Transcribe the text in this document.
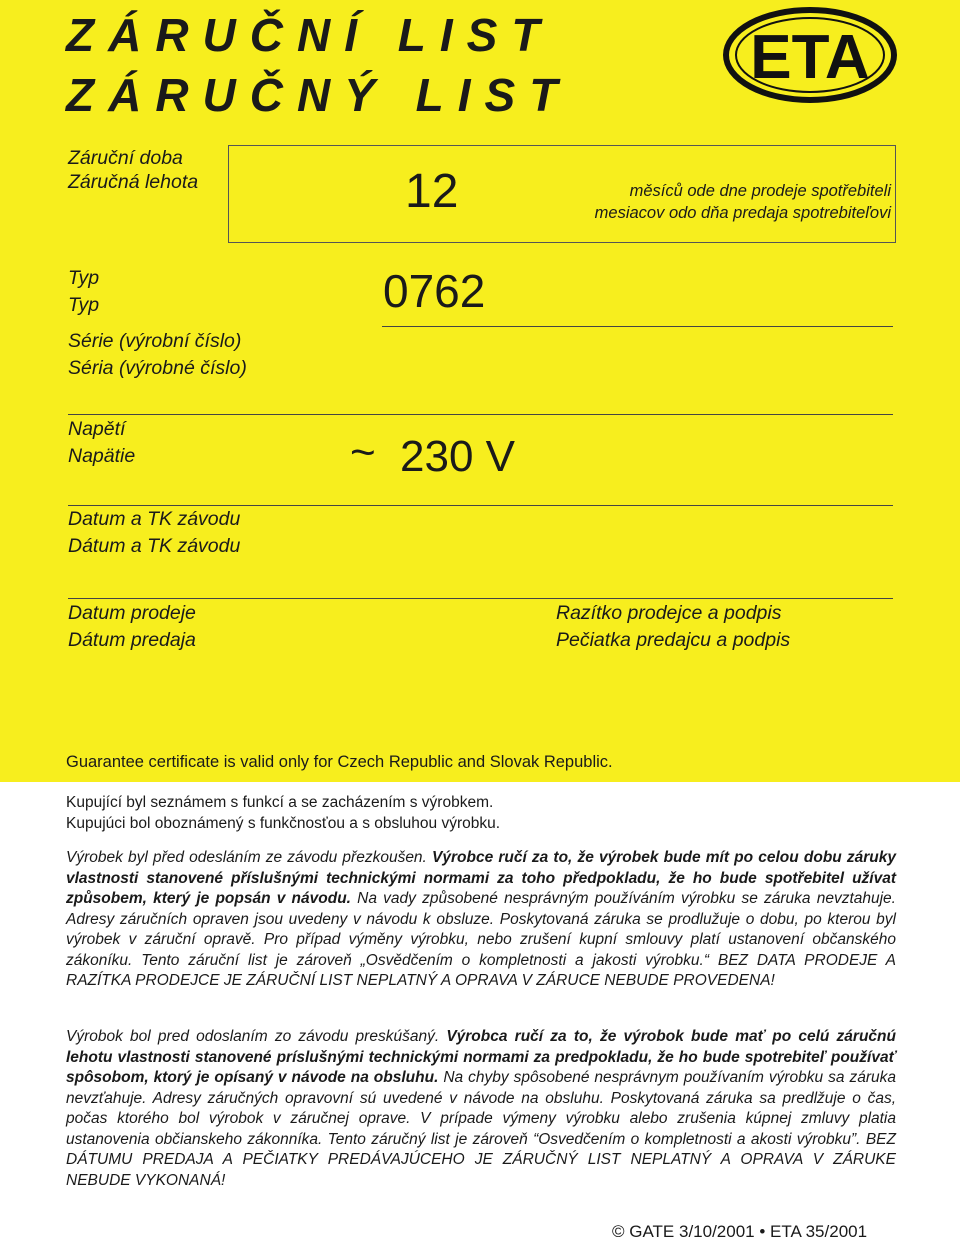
ZÁRUČNÍ LIST
ZÁRUČNÝ LIST
ETA
Záruční doba
Záručná lehota	12	měsíců ode dne prodeje spotřebiteli
mesiacov odo dňa predaja spotrebiteľovi
Typ
Typ	0762
Série (výrobní číslo)
Séria (výrobné číslo)
Napětí
Napätie	~ 230 V
Datum a TK závodu
Dátum a TK závodu
Datum prodeje
Dátum predaja
Razítko prodejce a podpis
Pečiatka predajcu a podpis
Guarantee certificate is valid only for Czech Republic and Slovak Republic.
Kupující byl seznámem s funkcí a se zacházením s výrobkem.
Kupujúci bol oboznámený s funkčnosťou a s obsluhou výrobku.
Výrobek byl před odesláním ze závodu přezkoušen. Výrobce ručí za to, že výrobek bude mít po celou dobu záruky vlastnosti stanovené příslušnými technickými normami za toho předpokladu, že ho bude spotřebitel užívat způsobem, který je popsán v návodu. Na vady způsobené nesprávným používáním výrobku se záruka nevztahuje. Adresy záručních opraven jsou uvedeny v návodu k obsluze. Poskytovaná záruka se prodlužuje o dobu, po kterou byl výrobek v záruční opravě. Pro případ výměny výrobku, nebo zrušení kupní smlouvy platí ustanovení občanského zákoníku. Tento záruční list je zároveň „Osvědčením o kompletnosti a jakosti výrobku.“ BEZ DATA PRODEJE A RAZÍTKA PRODEJCE JE ZÁRUČNÍ LIST NEPLATNÝ A OPRAVA V ZÁRUCE NEBUDE PROVEDENA!
Výrobok bol pred odoslaním zo závodu preskúšaný. Výrobca ručí za to, že výrobok bude mať po celú záručnú lehotu vlastnosti stanovené príslušnými technickými normami za predpokladu, že ho bude spotrebiteľ používať spôsobom, ktorý je opísaný v návode na obsluhu. Na chyby spôsobené nesprávnym používaním výrobku sa záruka nevzťahuje. Adresy záručných opravovní sú uvedené v návode na obsluhu. Poskytovaná záruka sa predlžuje o čas, počas ktorého bol výrobok v záručnej oprave. V prípade výmeny výrobku alebo zrušenia kúpnej zmluvy platia ustanovenia občianskeho zákonníka. Tento záručný list je zároveň “Osvedčením o kompletnosti a akosti výrobku”. BEZ DÁTUMU PREDAJA A PEČIATKY PREDÁVAJÚCEHO JE ZÁRUČNÝ LIST NEPLATNÝ A OPRAVA V ZÁRUKE NEBUDE VYKONANÁ!
© GATE 3/10/2001 • ETA 35/2001
